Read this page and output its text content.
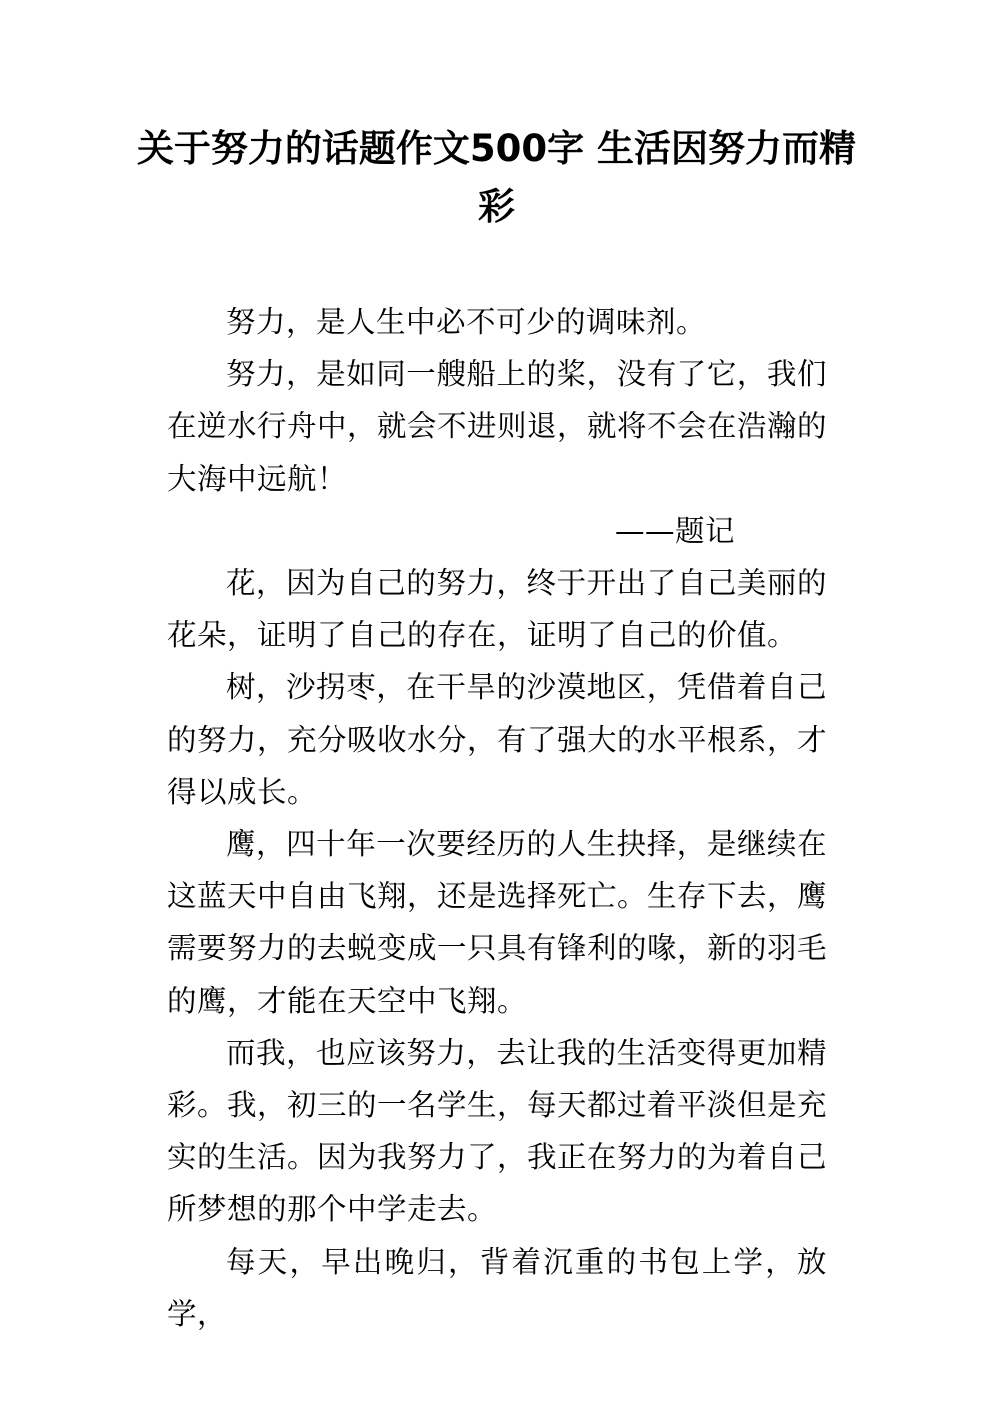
关于努力的话题作文500字 生活因努力而精彩

努力，是人生中必不可少的调味剂。

努力，是如同一艘船上的桨，没有了它，我们在逆水行舟中，就会不进则退，就将不会在浩瀚的大海中远航！

——题记

花，因为自己的努力，终于开出了自己美丽的花朵，证明了自己的存在，证明了自己的价值。

树，沙拐枣，在干旱的沙漠地区，凭借着自己的努力，充分吸收水分，有了强大的水平根系，才得以成长。

鹰，四十年一次要经历的人生抉择，是继续在这蓝天中自由飞翔，还是选择死亡。生存下去，鹰需要努力的去蜕变成一只具有锋利的喙，新的羽毛的鹰，才能在天空中飞翔。

而我，也应该努力，去让我的生活变得更加精彩。我，初三的一名学生，每天都过着平淡但是充实的生活。因为我努力了，我正在努力的为着自己所梦想的那个中学走去。

每天，早出晚归，背着沉重的书包上学，放学，
